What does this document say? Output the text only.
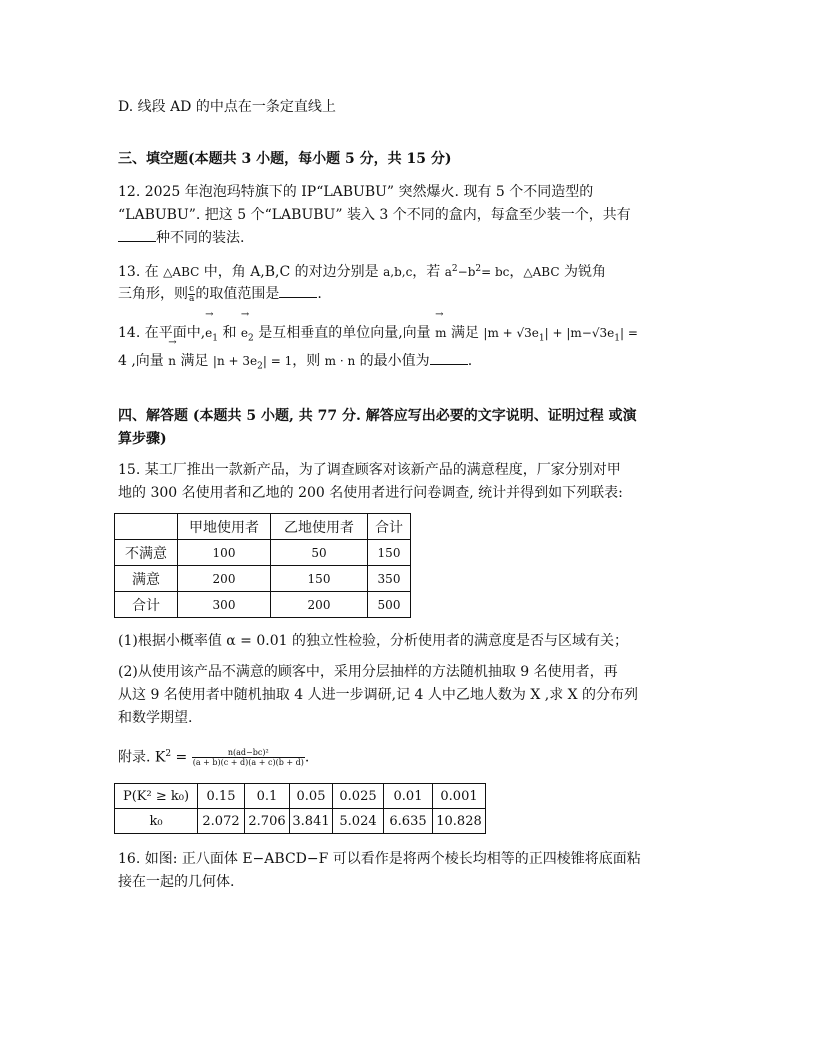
D. 线段 AD 的中点在一条定直线上
三、填空题(本题共 3 小题，每小题 5 分，共 15 分)
12. 2025 年泡泡玛特旗下的 IP“LABUBU” 突然爆火. 现有 5 个不同造型的
“LABUBU”. 把这 5 个“LABUBU” 装入 3 个不同的盒内，每盒至少装一个，共有
种不同的装法.
13. 在 △ABC 中，角 A,B,C 的对边分别是 a,b,c，若 $a^2-b^2=$ bc，△ABC 为锐角
三角形，则 $\frac{c}{a}$ 的取值范围是	.
14. 在平面中,→ $e_1$ 和 → $e_2$ 是互相垂直的单位向量,向量 → m 满足 $|m + √3e_1| + |m-√3e_1|$ =
4 ,向量 → n 满足 $|n + 3e_2| = 1$，则 m · n 的最小值为	.
四、解答题 (本题共 5 小题, 共 77 分. 解答应写出必要的文字说明、证明过程 或演
算步骤)
15. 某工厂推出一款新产品，为了调查顾客对该新产品的满意程度，厂家分别对甲
地的 300 名使用者和乙地的 200 名使用者进行问卷调查, 统计并得到如下列联表:
	甲地使用者	乙地使用者	合计
不满意	100	50	150
满意	200	150	350
合计	300	200	500
(1)根据小概率值 α = 0.01 的独立性检验，分析使用者的满意度是否与区域有关；
(2)从使用该产品不满意的顾客中，采用分层抽样的方法随机抽取 9 名使用者，再
从这 9 名使用者中随机抽取 4 人进一步调研,记 4 人中乙地人数为 X ,求 X 的分布列
和数学期望.
附录. $K^2 = \frac{\text{n(ad−bc)²}}{(a + b)(c + d)(a + c)(b + d)}$ .
P(K² ≥ k₀)	0.15	0.1	0.05	0.025	0.01	0.001
k₀	2.072	2.706	3.841	5.024	6.635	10.828
16. 如图: 正八面体 E−ABCD−F 可以看作是将两个棱长均相等的正四棱锥将底面粘
接在一起的几何体.
